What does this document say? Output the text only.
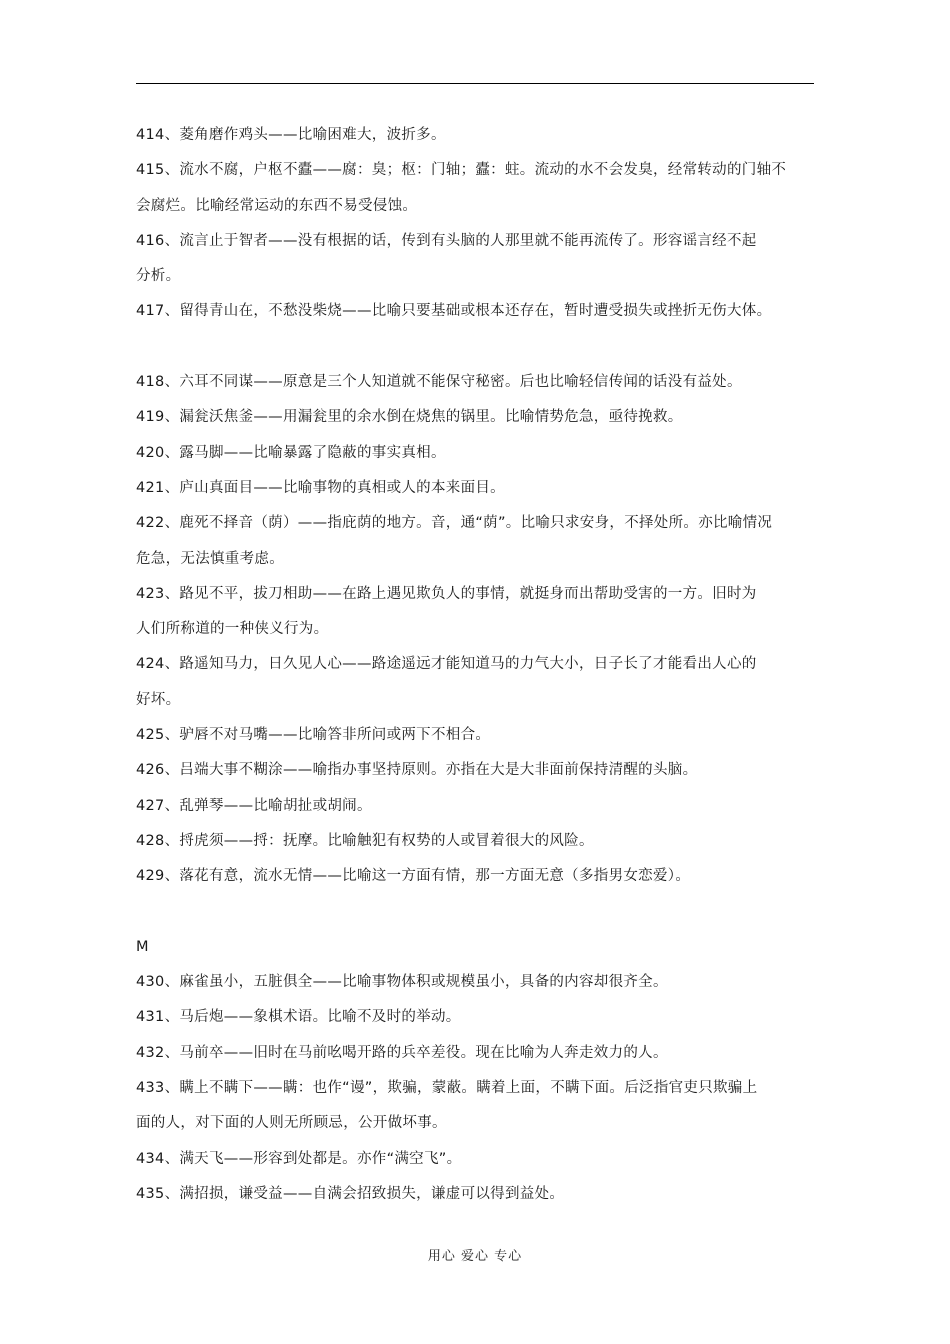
414、菱角磨作鸡头——比喻困难大，波折多。
415、流水不腐，户枢不蠹——腐：臭；枢：门轴；蠹：蛀。流动的水不会发臭，经常转动的门轴不
会腐烂。比喻经常运动的东西不易受侵蚀。
416、流言止于智者——没有根据的话，传到有头脑的人那里就不能再流传了。形容谣言经不起
分析。
417、留得青山在，不愁没柴烧——比喻只要基础或根本还存在，暂时遭受损失或挫折无伤大体。
418、六耳不同谋——原意是三个人知道就不能保守秘密。后也比喻轻信传闻的话没有益处。
419、漏瓮沃焦釜——用漏瓮里的余水倒在烧焦的锅里。比喻情势危急，亟待挽救。
420、露马脚——比喻暴露了隐蔽的事实真相。
421、庐山真面目——比喻事物的真相或人的本来面目。
422、鹿死不择音（荫）——指庇荫的地方。音，通“荫”。比喻只求安身，不择处所。亦比喻情况
危急，无法慎重考虑。
423、路见不平，拔刀相助——在路上遇见欺负人的事情，就挺身而出帮助受害的一方。旧时为
人们所称道的一种侠义行为。
424、路遥知马力，日久见人心——路途遥远才能知道马的力气大小，日子长了才能看出人心的
好坏。
425、驴唇不对马嘴——比喻答非所问或两下不相合。
426、吕端大事不糊涂——喻指办事坚持原则。亦指在大是大非面前保持清醒的头脑。
427、乱弹琴——比喻胡扯或胡闹。
428、捋虎须——捋：抚摩。比喻触犯有权势的人或冒着很大的风险。
429、落花有意，流水无情——比喻这一方面有情，那一方面无意（多指男女恋爱）。
M
430、麻雀虽小，五脏俱全——比喻事物体积或规模虽小，具备的内容却很齐全。
431、马后炮——象棋术语。比喻不及时的举动。
432、马前卒——旧时在马前吆喝开路的兵卒差役。现在比喻为人奔走效力的人。
433、瞒上不瞒下——瞒：也作“谩”，欺骗，蒙蔽。瞒着上面，不瞒下面。后泛指官吏只欺骗上
面的人，对下面的人则无所顾忌，公开做坏事。
434、满天飞——形容到处都是。亦作“满空飞”。
435、满招损，谦受益——自满会招致损失，谦虚可以得到益处。
用心 爱心 专心
